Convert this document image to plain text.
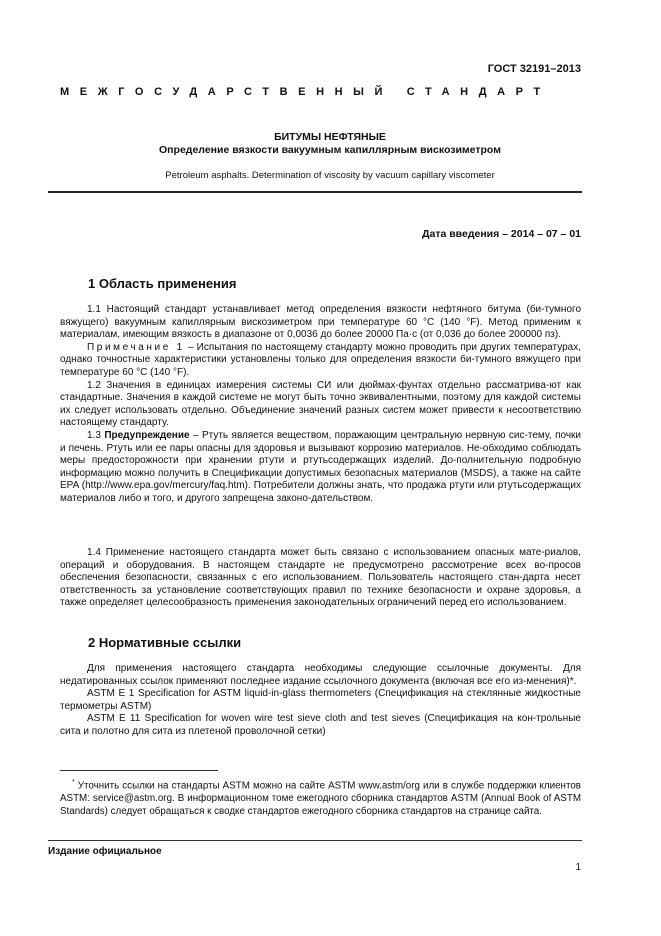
ГОСТ 32191–2013
МЕЖГОСУДАРСТВЕННЫЙ СТАНДАРТ
БИТУМЫ НЕФТЯНЫЕ
Определение вязкости вакуумным капиллярным вискозиметром
Petroleum asphalts. Determination of viscosity by vacuum capillary viscometer
Дата введения – 2014 – 07 – 01
1 Область применения

1.1 Настоящий стандарт устанавливает метод определения вязкости нефтяного битума (би-тумного вяжущего) вакуумным капиллярным вискозиметром при температуре 60 °С (140 °F). Метод применим к материалам, имеющим вязкость в диапазоне от 0,0036 до более 20000 Па·с (от 0,036 до более 200000 пз).

Примечание 1 – Испытания по настоящему стандарту можно проводить при других температурах, однако точностные характеристики установлены только для определения вязкости би-тумного вяжущего при температуре 60 °С (140 °F).

1.2 Значения в единицах измерения системы СИ или дюймах-фунтах отдельно рассматрива-ют как стандартные. Значения в каждой системе не могут быть точно эквивалентными, поэтому для каждой системы их следует использовать отдельно. Объединение значений разных систем может привести к несоответствию настоящему стандарту.

1.3 Предупреждение – Ртуть является веществом, поражающим центральную нервную сис-тему, почки и печень. Ртуть или ее пары опасны для здоровья и вызывают коррозию материалов. Не-обходимо соблюдать меры предосторожности при хранении ртути и ртутьсодержащих изделий. До-полнительную подробную информацию можно получить в Спецификации допустимых безопасных материалов (MSDS), а также на сайте EPA (http://www.epa.gov/mercury/faq.htm). Потребители должны знать, что продажа ртути или ртутьсодержащих материалов либо и того, и другого запрещена законо-дательством.

1.4 Применение настоящего стандарта может быть связано с использованием опасных мате-риалов, операций и оборудования. В настоящем стандарте не предусмотрено рассмотрение всех во-просов обеспечения безопасности, связанных с его использованием. Пользователь настоящего стан-дарта несет ответственность за установление соответствующих правил по технике безопасности и охране здоровья, а также определяет целесообразность применения законодательных ограничений перед его использованием.

2 Нормативные ссылки

Для применения настоящего стандарта необходимы следующие ссылочные документы. Для недатированных ссылок применяют последнее издание ссылочного документа (включая все его из-менения)*.

ASTM E 1 Specification for ASTM liquid-in-glass thermometers (Спецификация на стеклянные жидкостные термометры ASTM)

ASTM E 11 Specification for woven wire test sieve cloth and test sieves (Спецификация на кон-трольные сита и полотно для сита из плетеной проволочной сетки)

* Уточнить ссылки на стандарты ASTM можно на сайте ASTM www.astm/org или в службе поддержки клиентов ASTM: service@astm.org. В информационном томе ежегодного сборника стандартов ASTM (Annual Book of ASTM Standards) следует обращаться к сводке стандартов ежегодного сборника стандартов на странице сайта.

Издание официальное
1
